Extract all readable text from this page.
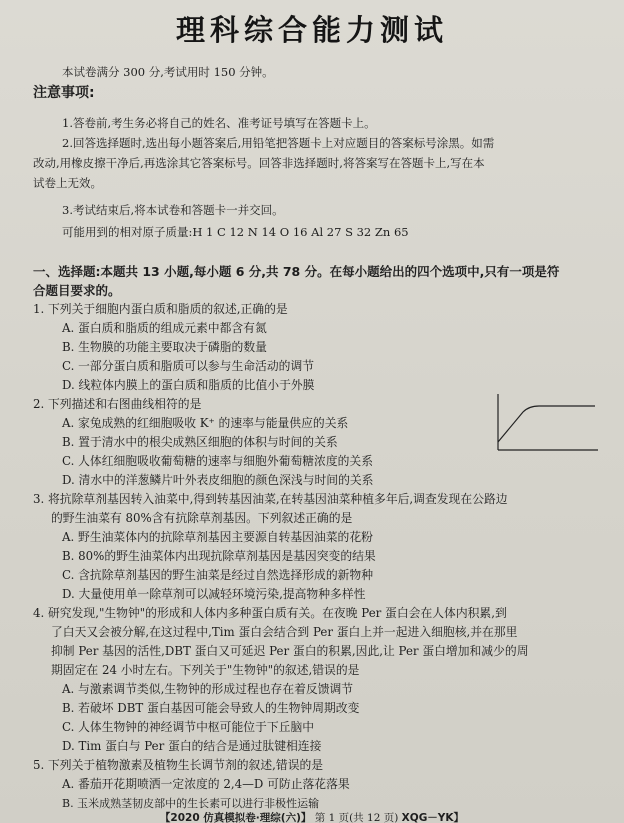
理科综合能力测试
本试卷满分 300 分,考试用时 150 分钟。
注意事项:
1.答卷前,考生务必将自己的姓名、准考证号填写在答题卡上。
2.回答选择题时,选出每小题答案后,用铅笔把答题卡上对应题目的答案标号涂黑。如需
改动,用橡皮擦干净后,再选涂其它答案标号。回答非选择题时,将答案写在答题卡上,写在本
试卷上无效。
3.考试结束后,将本试卷和答题卡一并交回。
可能用到的相对原子质量:H 1 C 12 N 14 O 16 Al 27 S 32 Zn 65
一、选择题:本题共 13 小题,每小题 6 分,共 78 分。在每小题给出的四个选项中,只有一项是符
合题目要求的。
1. 下列关于细胞内蛋白质和脂质的叙述,正确的是
A. 蛋白质和脂质的组成元素中都含有氮
B. 生物膜的功能主要取决于磷脂的数量
C. 一部分蛋白质和脂质可以参与生命活动的调节
D. 线粒体内膜上的蛋白质和脂质的比值小于外膜
2. 下列描述和右图曲线相符的是
A. 家兔成熟的红细胞吸收 K⁺ 的速率与能量供应的关系
B. 置于清水中的根尖成熟区细胞的体积与时间的关系
C. 人体红细胞吸收葡萄糖的速率与细胞外葡萄糖浓度的关系
D. 清水中的洋葱鳞片叶外表皮细胞的颜色深浅与时间的关系
3. 将抗除草剂基因转入油菜中,得到转基因油菜,在转基因油菜种植多年后,调查发现在公路边
的野生油菜有 80%含有抗除草剂基因。下列叙述正确的是
A. 野生油菜体内的抗除草剂基因主要源自转基因油菜的花粉
B. 80%的野生油菜体内出现抗除草剂基因是基因突变的结果
C. 含抗除草剂基因的野生油菜是经过自然选择形成的新物种
D. 大量使用单一除草剂可以减轻环境污染,提高物种多样性
4. 研究发现,"生物钟"的形成和人体内多种蛋白质有关。在夜晚 Per 蛋白会在人体内积累,到
了白天又会被分解,在这过程中,Tim 蛋白会结合到 Per 蛋白上并一起进入细胞核,并在那里
抑制 Per 基因的活性,DBT 蛋白又可延迟 Per 蛋白的积累,因此,让 Per 蛋白增加和减少的周
期固定在 24 小时左右。下列关于"生物钟"的叙述,错误的是
A. 与激素调节类似,生物钟的形成过程也存在着反馈调节
B. 若破坏 DBT 蛋白基因可能会导致人的生物钟周期改变
C. 人体生物钟的神经调节中枢可能位于下丘脑中
D. Tim 蛋白与 Per 蛋白的结合是通过肽键相连接
5. 下列关于植物激素及植物生长调节剂的叙述,错误的是
A. 番茄开花期喷洒一定浓度的 2,4—D 可防止落花落果
B. 玉米成熟茎韧皮部中的生长素可以进行非极性运输
【2020 仿真模拟卷·理综(六)】 第 1 页(共 12 页) XQG－YK】
